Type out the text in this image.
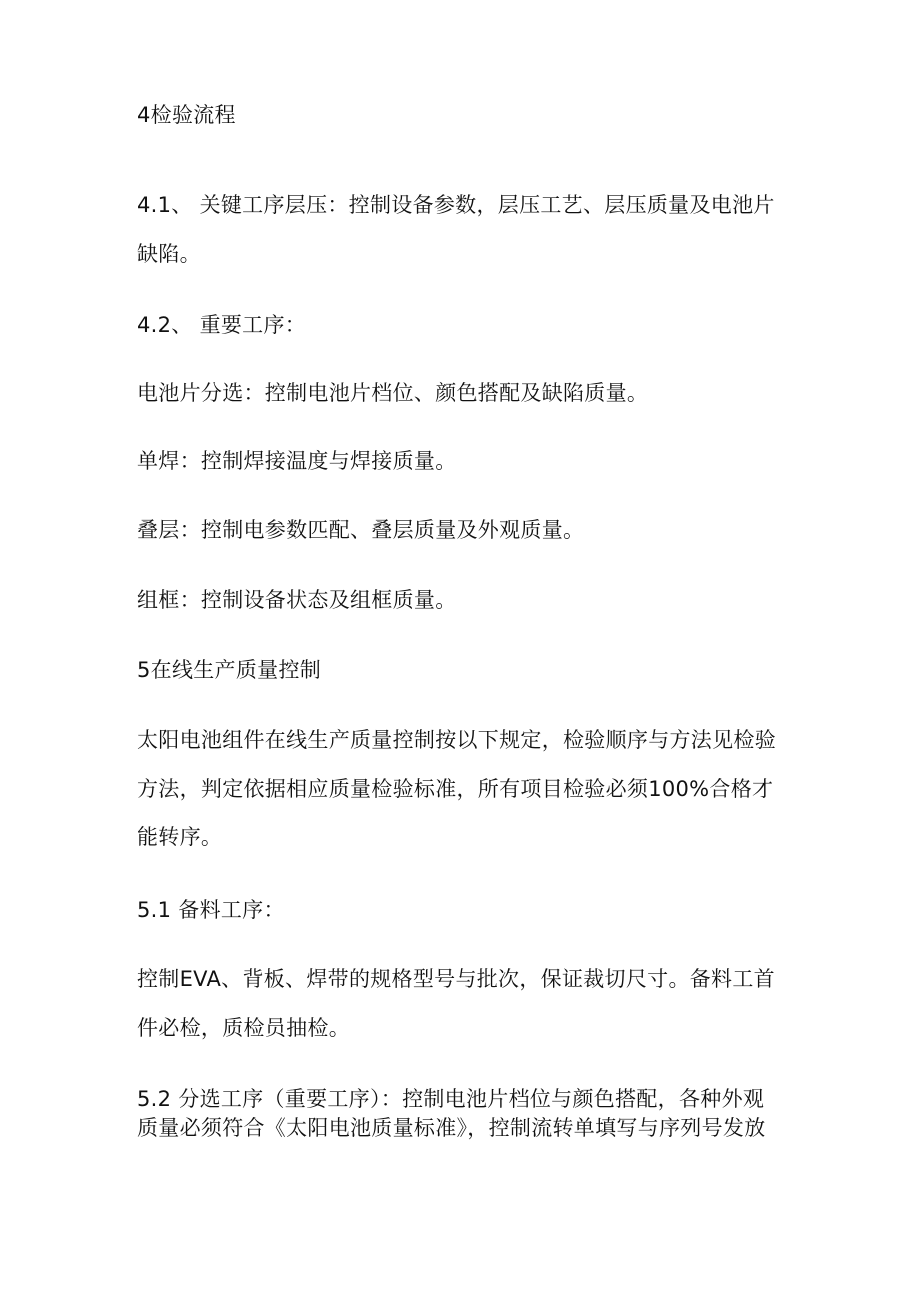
4检验流程
4.1、 关键工序层压：控制设备参数，层压工艺、层压质量及电池片
缺陷。
4.2、 重要工序：
电池片分选：控制电池片档位、颜色搭配及缺陷质量。
单焊：控制焊接温度与焊接质量。
叠层：控制电参数匹配、叠层质量及外观质量。
组框：控制设备状态及组框质量。
5在线生产质量控制
太阳电池组件在线生产质量控制按以下规定，检验顺序与方法见检验
方法，判定依据相应质量检验标准，所有项目检验必须100%合格才
能转序。
5.1 备料工序：
控制EVA、背板、焊带的规格型号与批次，保证裁切尺寸。备料工首
件必检，质检员抽检。
5.2 分选工序（重要工序）：控制电池片档位与颜色搭配，各种外观
质量必须符合《太阳电池质量标准》，控制流转单填写与序列号发放
